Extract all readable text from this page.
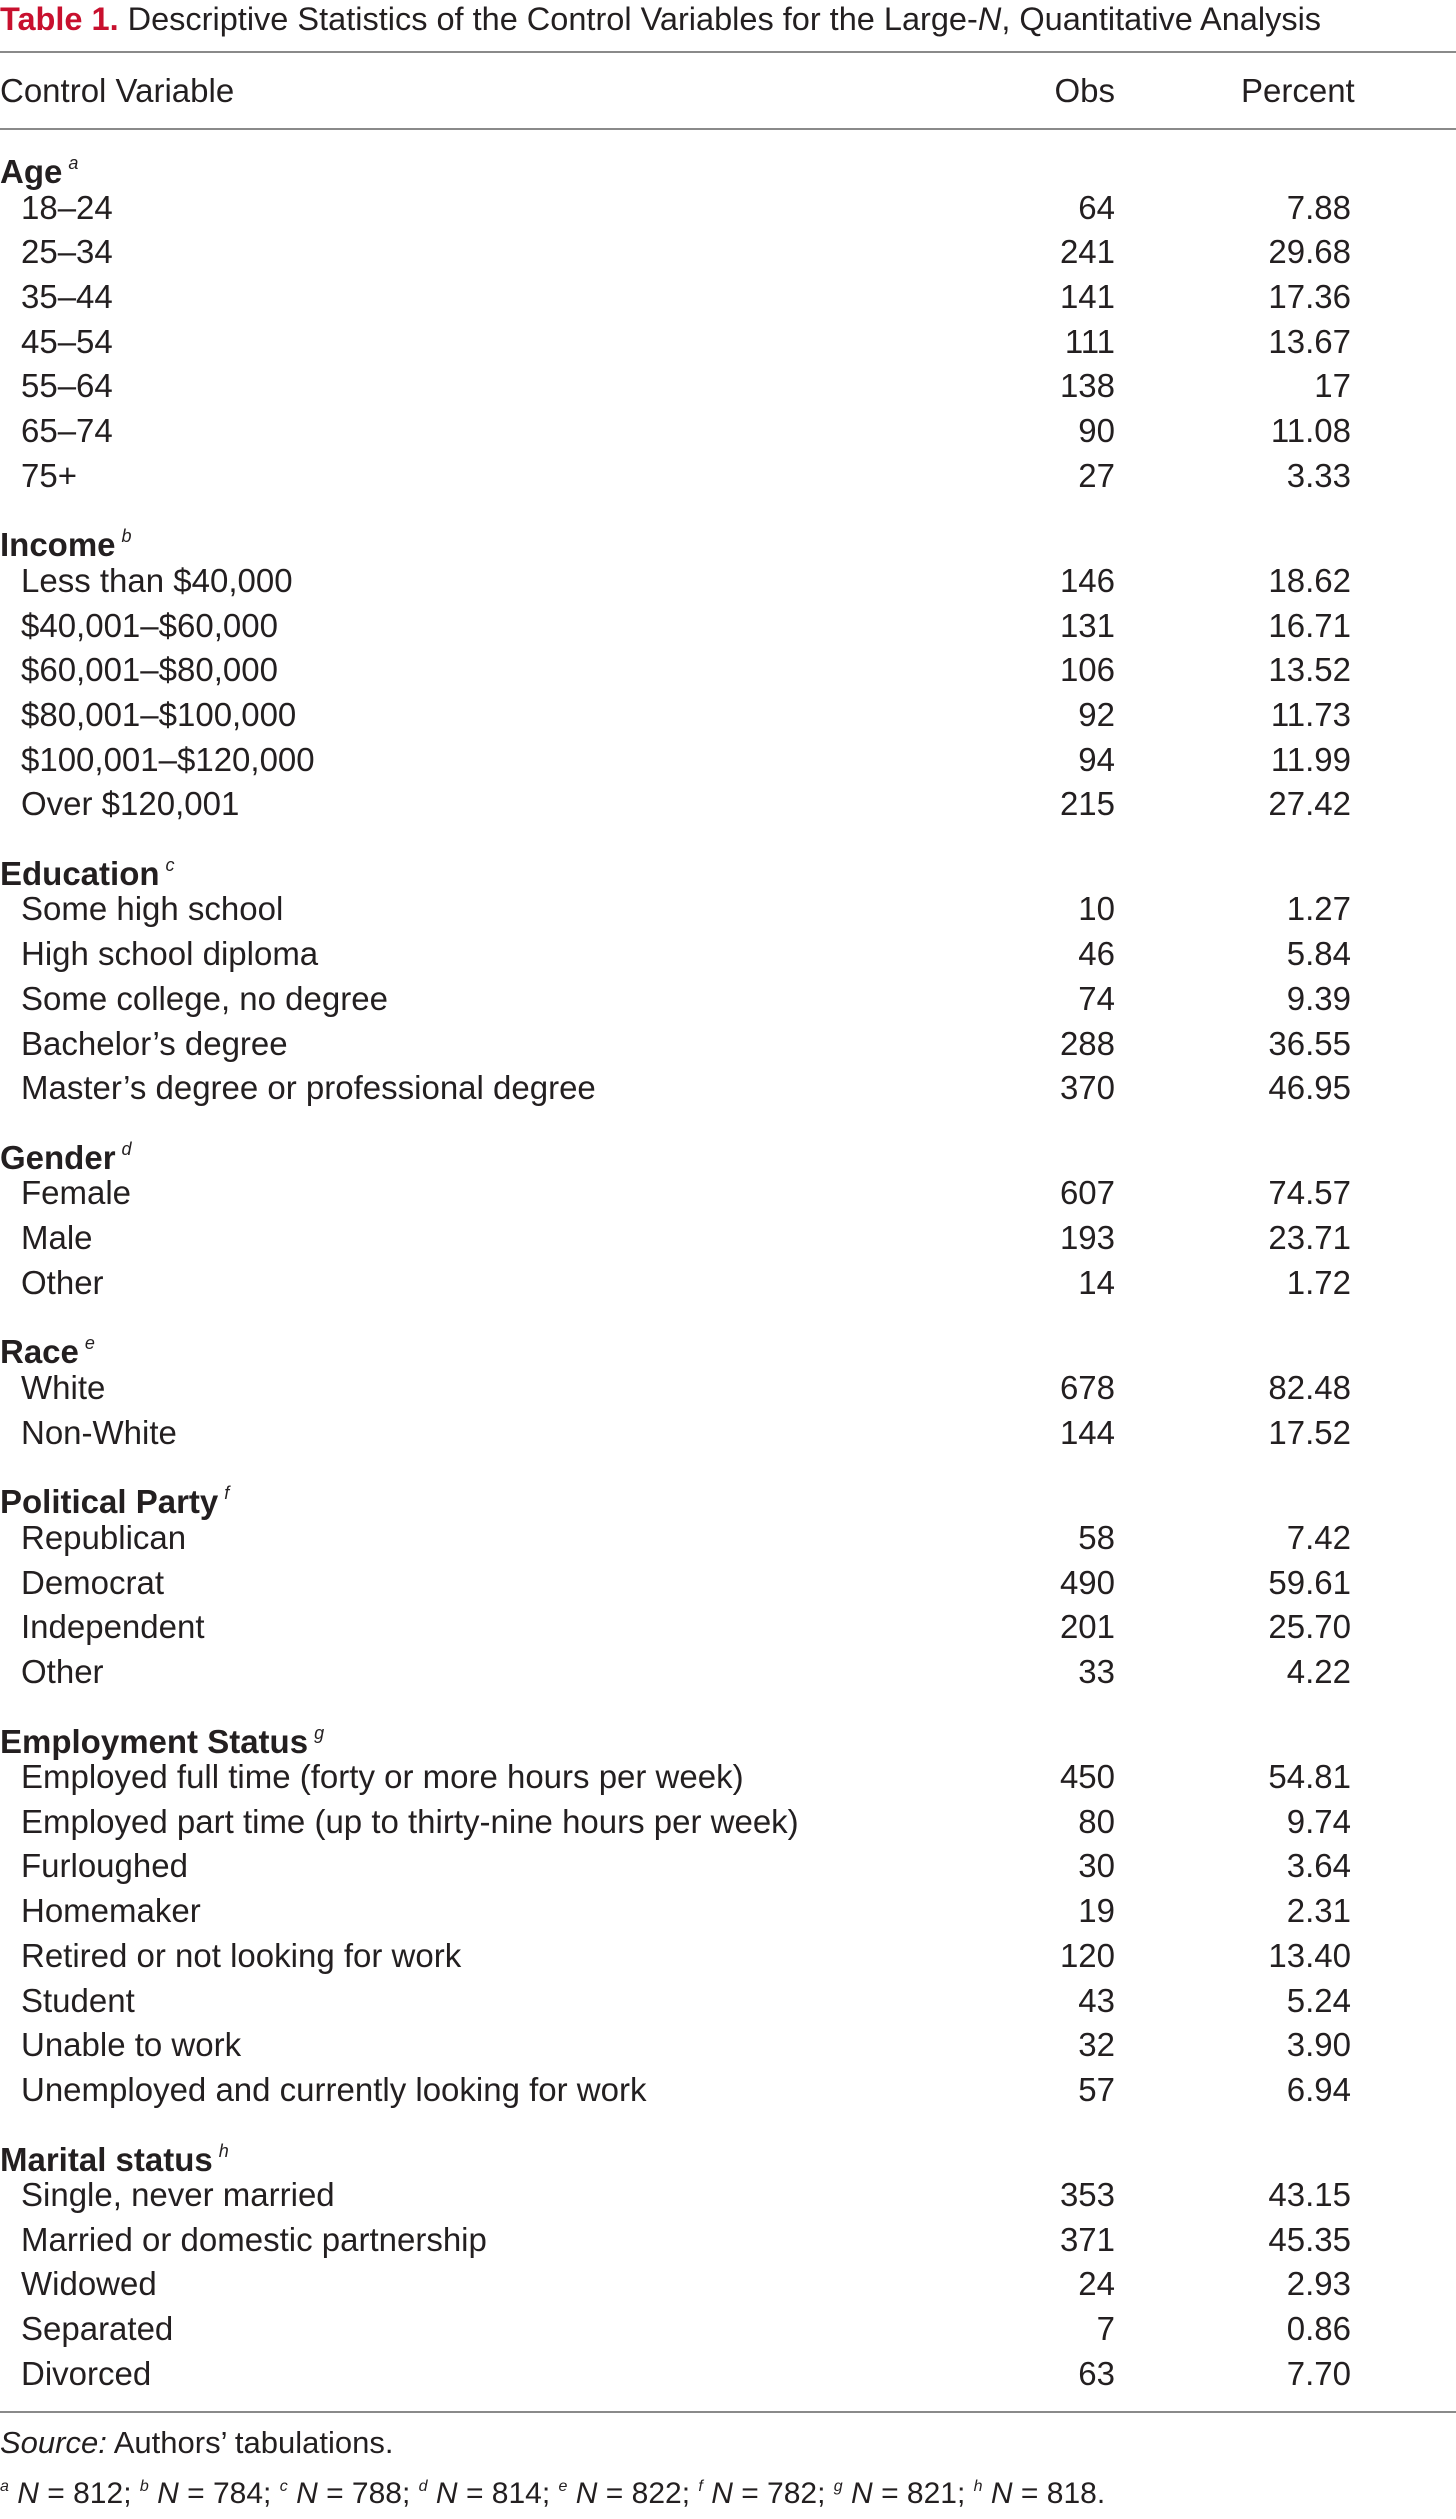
Table 1. Descriptive Statistics of the Control Variables for the Large-N, Quantitative Analysis
Control Variable	Obs	Percent
Age $^a$
18–24	64	7.88
25–34	241	29.68
35–44	141	17.36
45–54	111	13.67
55–64	138	17
65–74	90	11.08
75+	27	3.33
Income $^b$
Less than $40,000	146	18.62
$40,001–$60,000	131	16.71
$60,001–$80,000	106	13.52
$80,001–$100,000	92	11.73
$100,001–$120,000	94	11.99
Over $120,001	215	27.42
Education $^c$
Some high school	10	1.27
High school diploma	46	5.84
Some college, no degree	74	9.39
Bachelor’s degree	288	36.55
Master’s degree or professional degree	370	46.95
Gender $^d$
Female	607	74.57
Male	193	23.71
Other	14	1.72
Race $^e$
White	678	82.48
Non-White	144	17.52
Political Party $^f$
Republican	58	7.42
Democrat	490	59.61
Independent	201	25.70
Other	33	4.22
Employment Status $^g$
Employed full time (forty or more hours per week)	450	54.81
Employed part time (up to thirty-nine hours per week)	80	9.74
Furloughed	30	3.64
Homemaker	19	2.31
Retired or not looking for work	120	13.40
Student	43	5.24
Unable to work	32	3.90
Unemployed and currently looking for work	57	6.94
Marital status $^h$
Single, never married	353	43.15
Married or domestic partnership	371	45.35
Widowed	24	2.93
Separated	7	0.86
Divorced	63	7.70
Source: Authors’ tabulations.
$^a$ N = 812; $^b$ N = 784; $^c$ N = 788; $^d$ N = 814; $^e$ N = 822; $^f$ N = 782; $^g$ N = 821; $^h$ N = 818.
